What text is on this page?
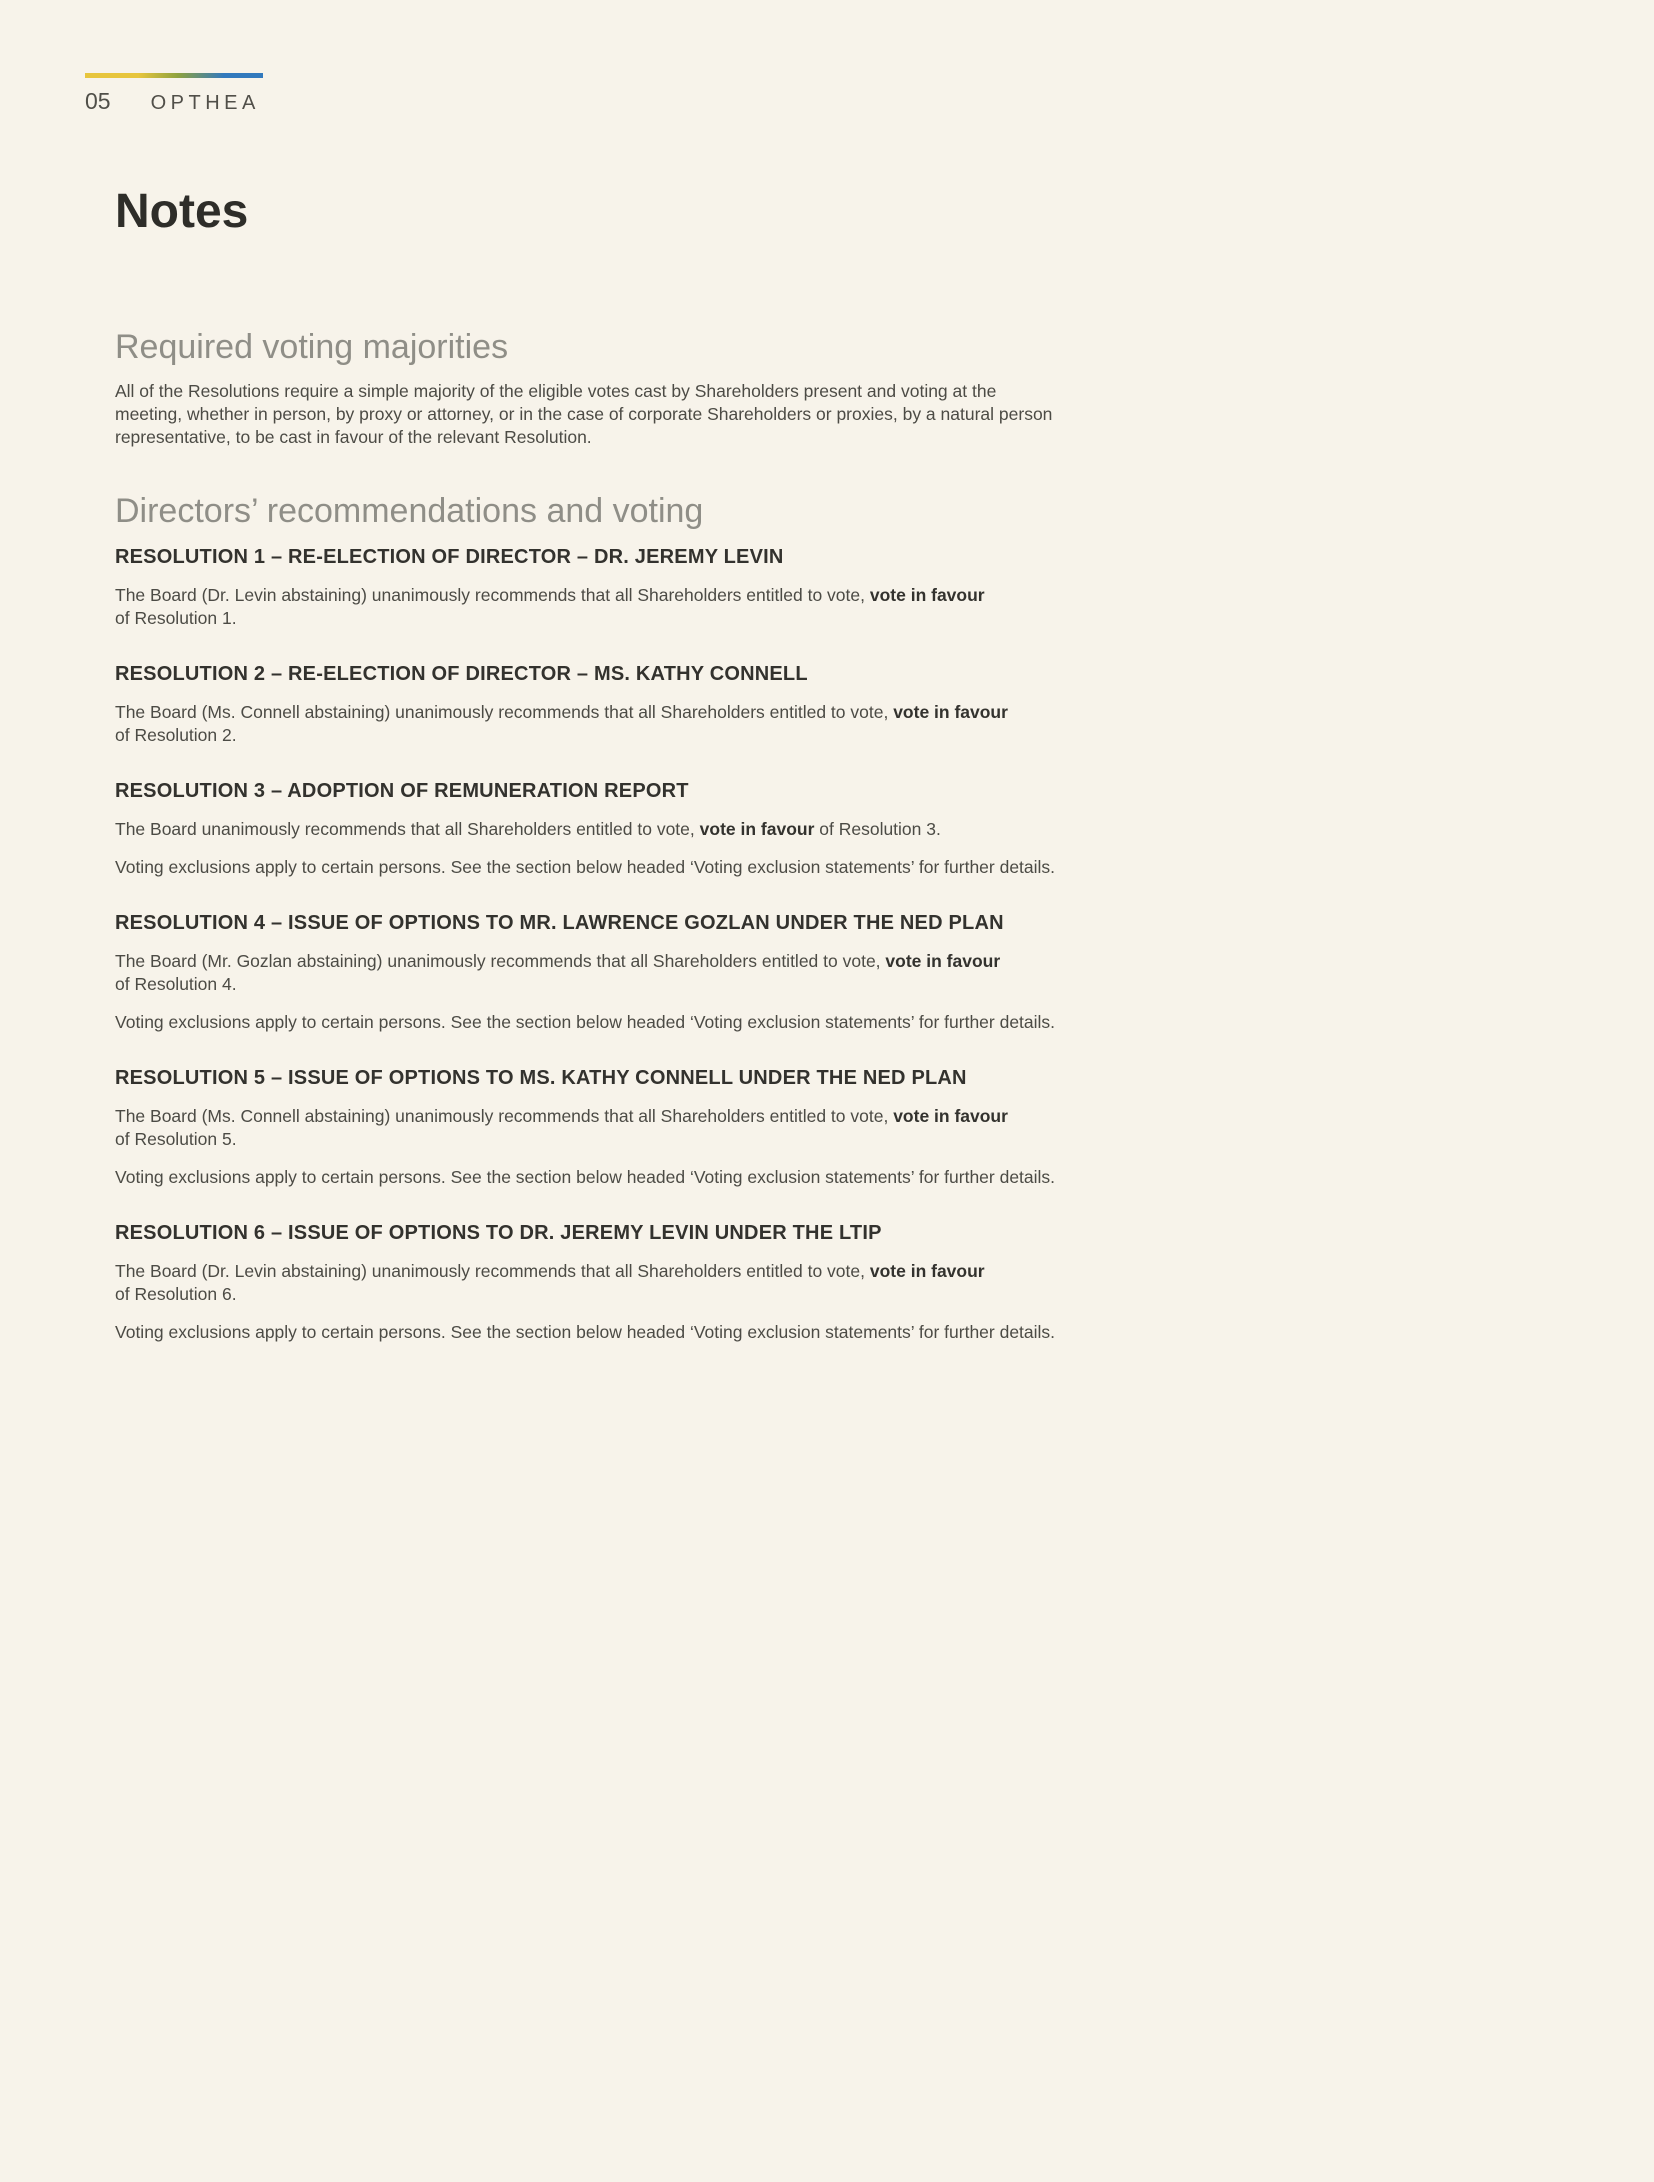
05 OPTHEA
Notes
Required voting majorities

All of the Resolutions require a simple majority of the eligible votes cast by Shareholders present and voting at the meeting, whether in person, by proxy or attorney, or in the case of corporate Shareholders or proxies, by a natural person representative, to be cast in favour of the relevant Resolution.

Directors’ recommendations and voting
RESOLUTION 1 – RE-ELECTION OF DIRECTOR – DR. JEREMY LEVIN

The Board (Dr. Levin abstaining) unanimously recommends that all Shareholders entitled to vote, vote in favour
of Resolution 1.

RESOLUTION 2 – RE-ELECTION OF DIRECTOR – MS. KATHY CONNELL

The Board (Ms. Connell abstaining) unanimously recommends that all Shareholders entitled to vote, vote in favour
of Resolution 2.

RESOLUTION 3 – ADOPTION OF REMUNERATION REPORT

The Board unanimously recommends that all Shareholders entitled to vote, vote in favour of Resolution 3.

Voting exclusions apply to certain persons. See the section below headed ‘Voting exclusion statements’ for further details.

RESOLUTION 4 – ISSUE OF OPTIONS TO MR. LAWRENCE GOZLAN UNDER THE NED PLAN

The Board (Mr. Gozlan abstaining) unanimously recommends that all Shareholders entitled to vote, vote in favour
of Resolution 4.

Voting exclusions apply to certain persons. See the section below headed ‘Voting exclusion statements’ for further details.

RESOLUTION 5 – ISSUE OF OPTIONS TO MS. KATHY CONNELL UNDER THE NED PLAN

The Board (Ms. Connell abstaining) unanimously recommends that all Shareholders entitled to vote, vote in favour
of Resolution 5.

Voting exclusions apply to certain persons. See the section below headed ‘Voting exclusion statements’ for further details.

RESOLUTION 6 – ISSUE OF OPTIONS TO DR. JEREMY LEVIN UNDER THE LTIP

The Board (Dr. Levin abstaining) unanimously recommends that all Shareholders entitled to vote, vote in favour
of Resolution 6.

Voting exclusions apply to certain persons. See the section below headed ‘Voting exclusion statements’ for further details.
